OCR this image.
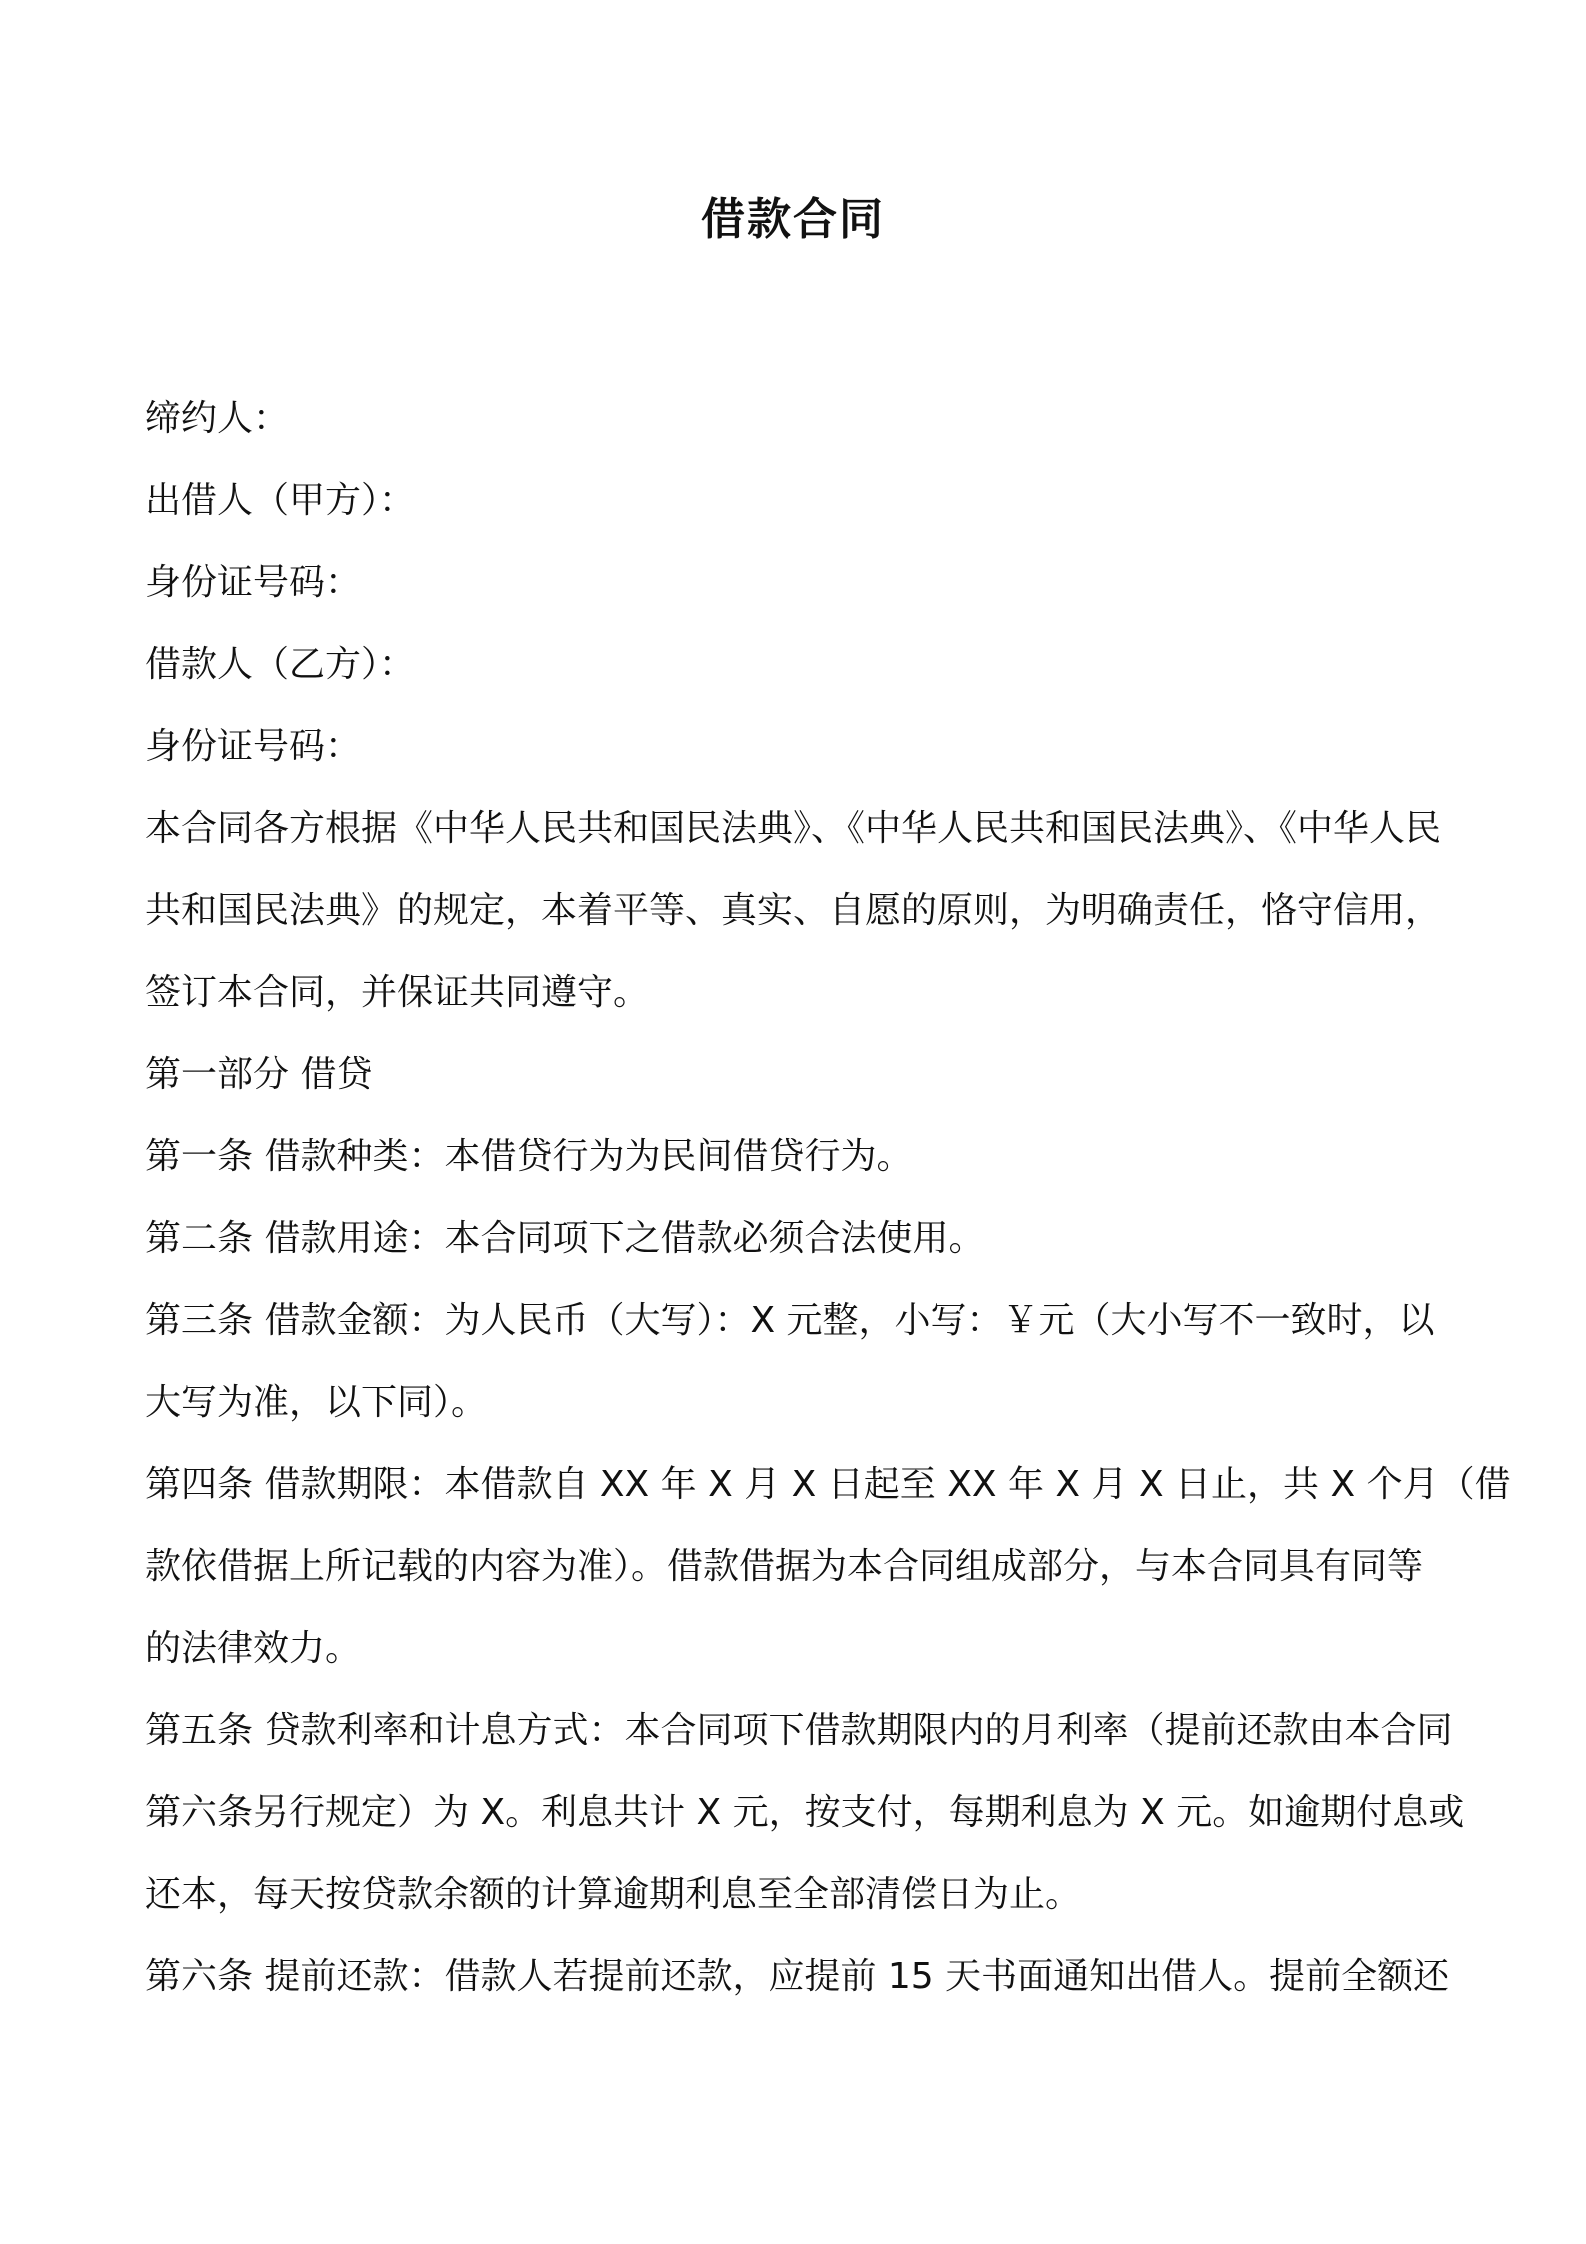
借款合同
缔约人：
出借人（甲方）：
身份证号码：
借款人（乙方）：
身份证号码：
本合同各方根据《中华人民共和国民法典》、《中华人民共和国民法典》、《中华人民
共和国民法典》的规定，本着平等、真实、自愿的原则，为明确责任，恪守信用，
签订本合同，并保证共同遵守。
第一部分 借贷
第一条 借款种类：本借贷行为为民间借贷行为。
第二条 借款用途：本合同项下之借款必须合法使用。
第三条 借款金额：为人民币（大写）：X 元整，小写：￥元（大小写不一致时，以
大写为准，以下同）。
第四条 借款期限：本借款自 XX 年 X 月 X 日起至 XX 年 X 月 X 日止，共 X 个月（借
款依借据上所记载的内容为准）。借款借据为本合同组成部分，与本合同具有同等
的法律效力。
第五条 贷款利率和计息方式：本合同项下借款期限内的月利率（提前还款由本合同
第六条另行规定）为 X。利息共计 X 元，按支付，每期利息为 X 元。如逾期付息或
还本，每天按贷款余额的计算逾期利息至全部清偿日为止。
第六条 提前还款：借款人若提前还款，应提前 15 天书面通知出借人。提前全额还
